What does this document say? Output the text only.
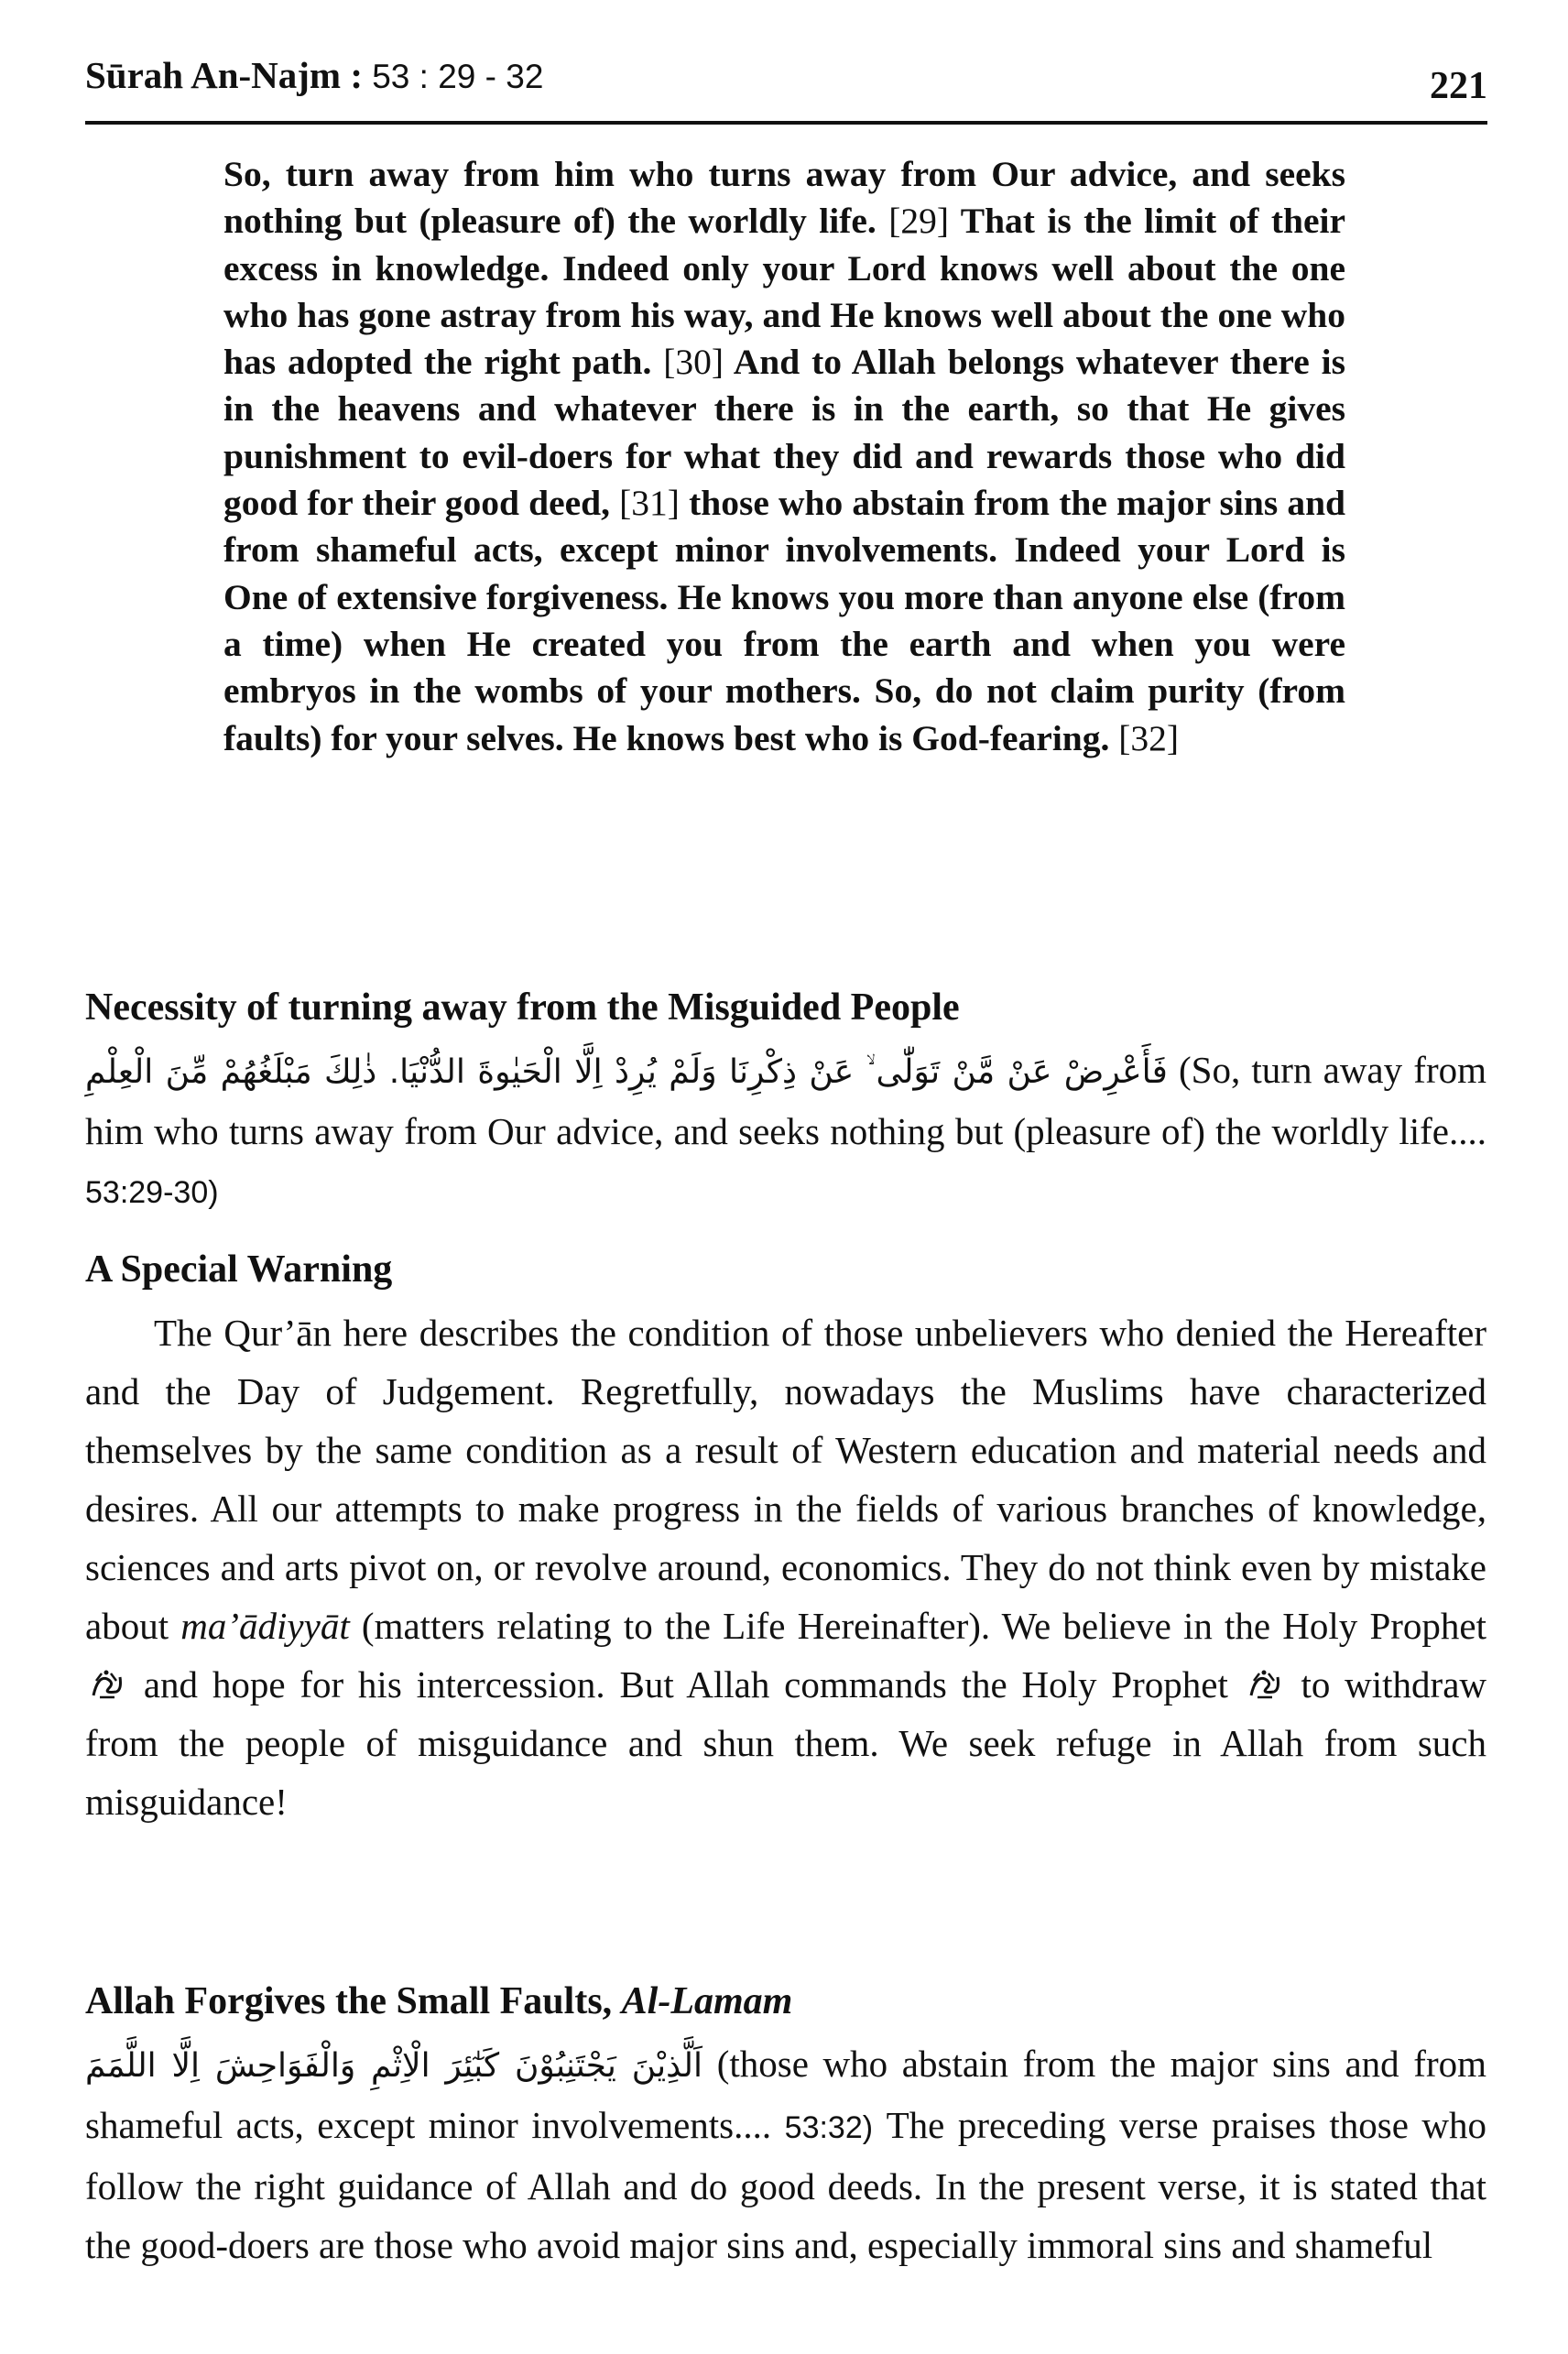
Sūrah An-Najm : 53 : 29 - 32	221
So, turn away from him who turns away from Our advice, and seeks nothing but (pleasure of) the worldly life. [29] That is the limit of their excess in knowledge. Indeed only your Lord knows well about the one who has gone astray from his way, and He knows well about the one who has adopted the right path. [30] And to Allah belongs whatever there is in the heavens and whatever there is in the earth, so that He gives punishment to evil-doers for what they did and rewards those who did good for their good deed, [31] those who abstain from the major sins and from shameful acts, except minor involvements. Indeed your Lord is One of extensive forgiveness. He knows you more than anyone else (from a time) when He created you from the earth and when you were embryos in the wombs of your mothers. So, do not claim purity (from faults) for your selves. He knows best who is God-fearing. [32]
Necessity of turning away from the Misguided People
فَأَعْرِضْ عَنْ مَّنْ تَوَلّٰى ۙ عَنْ ذِكْرِنَا وَلَمْ يُرِدْ اِلَّا الْحَيٰوةَ الدُّنْيَا. ذٰلِكَ مَبْلَغُهُمْ مِّنَ الْعِلْمِ (So, turn away from him who turns away from Our advice, and seeks nothing but (pleasure of) the worldly life.... 53:29-30)
A Special Warning
The Qur’ān here describes the condition of those unbelievers who denied the Hereafter and the Day of Judgement. Regretfully, nowadays the Muslims have characterized themselves by the same condition as a result of Western education and material needs and desires. All our attempts to make progress in the fields of various branches of knowledge, sciences and arts pivot on, or revolve around, economics. They do not think even by mistake about ma’ādiyyāt (matters relating to the Life Hereinafter). We believe in the Holy Prophet  and hope for his intercession. But Allah commands the Holy Prophet to withdraw from the people of misguidance and shun them. We seek refuge in Allah from such misguidance!
Allah Forgives the Small Faults, Al-Lamam
اَلَّذِيْنَ يَجْتَنِبُوْنَ كَبٰٓئِرَ الْاِثْمِ وَالْفَوَاحِشَ اِلَّا اللَّمَمَ (those who abstain from the major sins and from shameful acts, except minor involvements.... 53:32) The preceding verse praises those who follow the right guidance of Allah and do good deeds. In the present verse, it is stated that the good-doers are those who avoid major sins and, especially immoral sins and shameful
